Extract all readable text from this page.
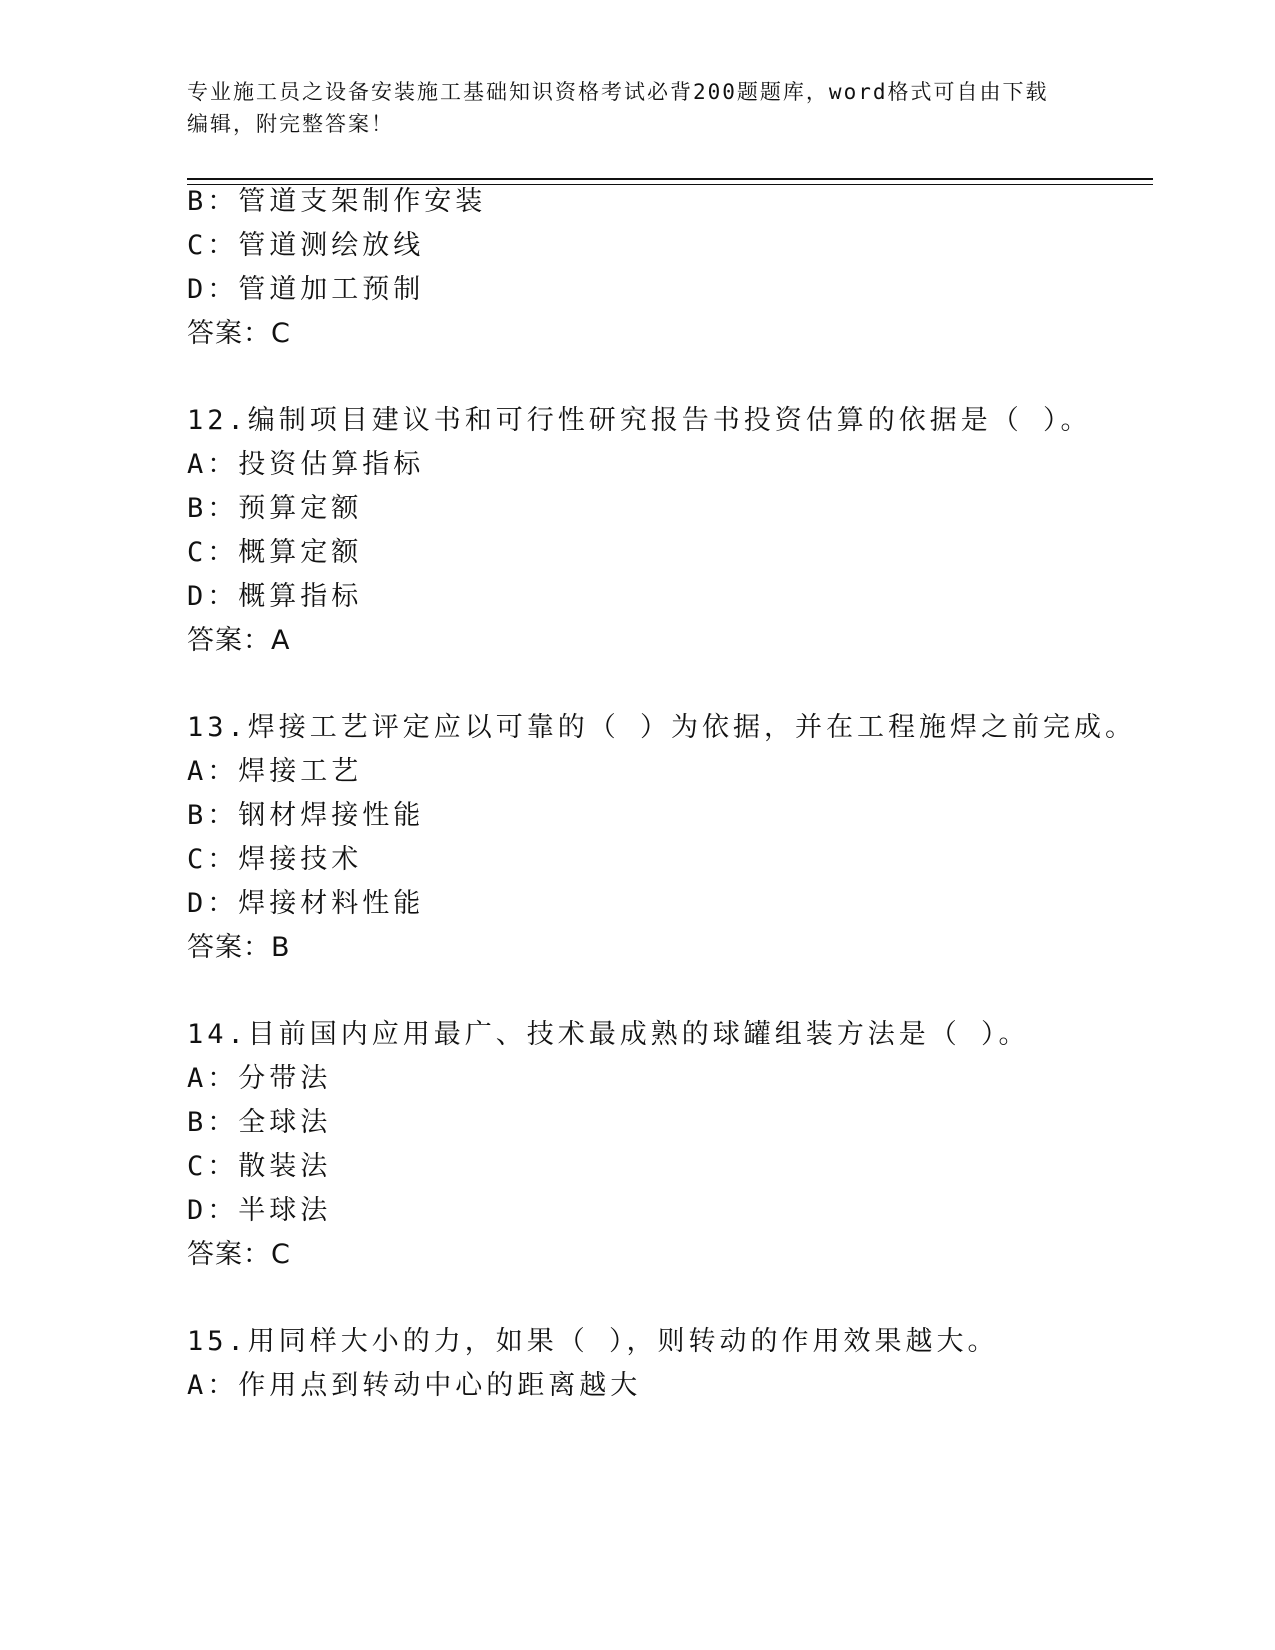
专业施工员之设备安装施工基础知识资格考试必背200题题库，word格式可自由下载编辑，附完整答案！
B：管道支架制作安装
C：管道测绘放线
D：管道加工预制
答案：C
12.编制项目建议书和可行性研究报告书投资估算的依据是（ ）。
A：投资估算指标
B：预算定额
C：概算定额
D：概算指标
答案：A
13.焊接工艺评定应以可靠的（ ）为依据，并在工程施焊之前完成。
A：焊接工艺
B：钢材焊接性能
C：焊接技术
D：焊接材料性能
答案：B
14.目前国内应用最广、技术最成熟的球罐组装方法是（ ）。
A：分带法
B：全球法
C：散装法
D：半球法
答案：C
15.用同样大小的力，如果（ ），则转动的作用效果越大。
A：作用点到转动中心的距离越大
